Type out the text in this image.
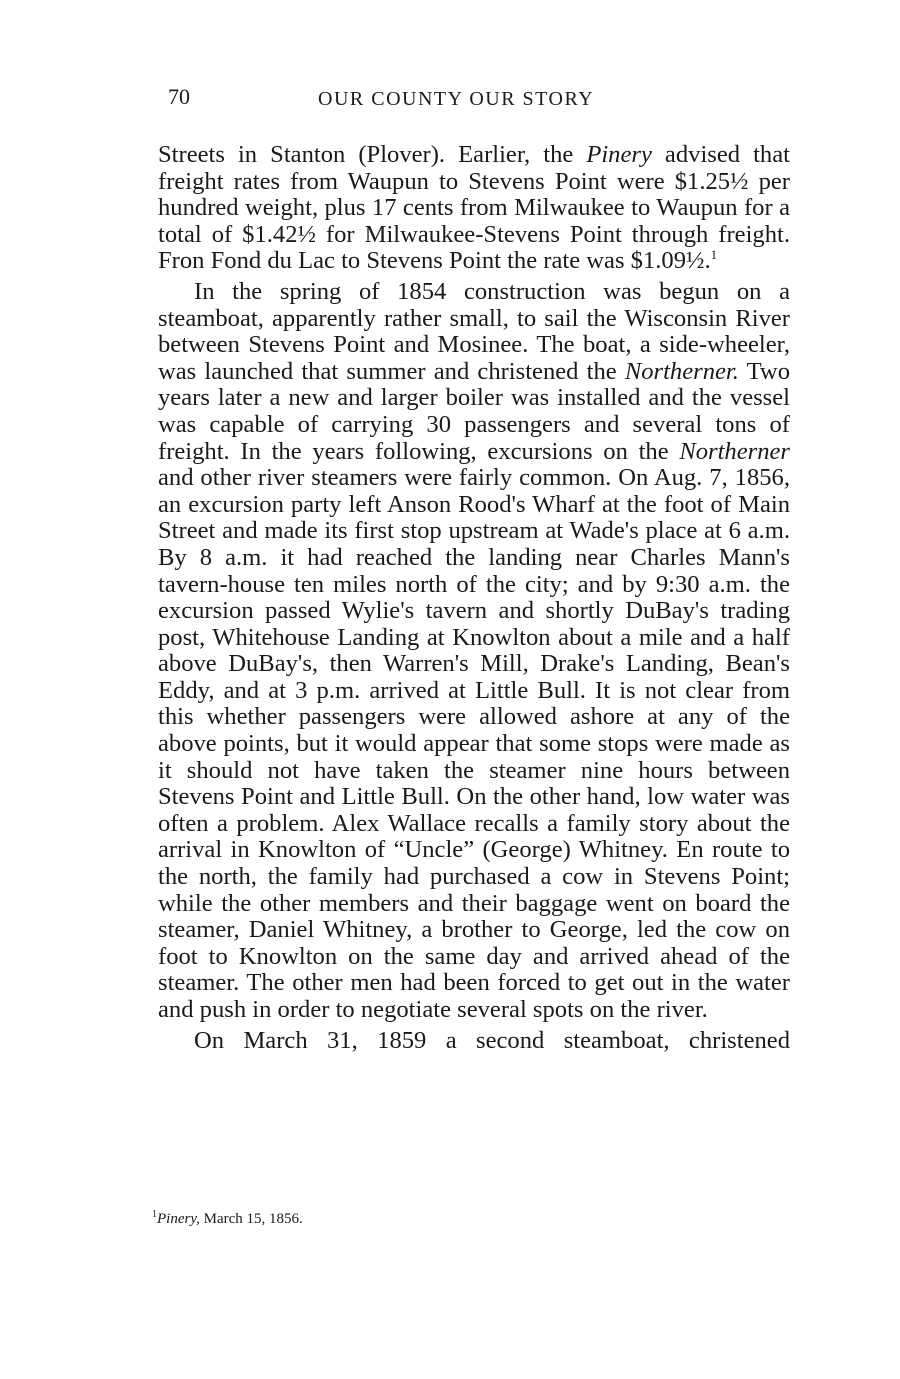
70	OUR COUNTY OUR STORY

Streets in Stanton (Plover). Earlier, the Pinery advised that freight rates from Waupun to Stevens Point were $1.25½ per hundred weight, plus 17 cents from Milwaukee to Waupun for a total of $1.42½ for Milwaukee-Stevens Point through freight. Fron Fond du Lac to Stevens Point the rate was $1.09½.$^1$

In the spring of 1854 construction was begun on a steamboat, apparently rather small, to sail the Wisconsin River between Stevens Point and Mosinee. The boat, a side-wheeler, was launched that summer and christened the Northerner. Two years later a new and larger boiler was installed and the vessel was capable of carrying 30 passengers and several tons of freight. In the years following, excursions on the Northerner and other river steamers were fairly common. On Aug. 7, 1856, an excursion party left Anson Rood's Wharf at the foot of Main Street and made its first stop upstream at Wade's place at 6 a.m. By 8 a.m. it had reached the landing near Charles Mann's tavern-house ten miles north of the city; and by 9:30 a.m. the excursion passed Wylie's tavern and shortly DuBay's trading post, Whitehouse Landing at Knowlton about a mile and a half above DuBay's, then Warren's Mill, Drake's Landing, Bean's Eddy, and at 3 p.m. arrived at Little Bull. It is not clear from this whether passengers were allowed ashore at any of the above points, but it would appear that some stops were made as it should not have taken the steamer nine hours between Stevens Point and Little Bull. On the other hand, low water was often a problem. Alex Wallace recalls a family story about the arrival in Knowlton of “Uncle” (George) Whitney. En route to the north, the family had purchased a cow in Stevens Point; while the other members and their baggage went on board the steamer, Daniel Whitney, a brother to George, led the cow on foot to Knowlton on the same day and arrived ahead of the steamer. The other men had been forced to get out in the water and push in order to negotiate several spots on the river.

On March 31, 1859 a second steamboat, christened

$^1$Pinery, March 15, 1856.
